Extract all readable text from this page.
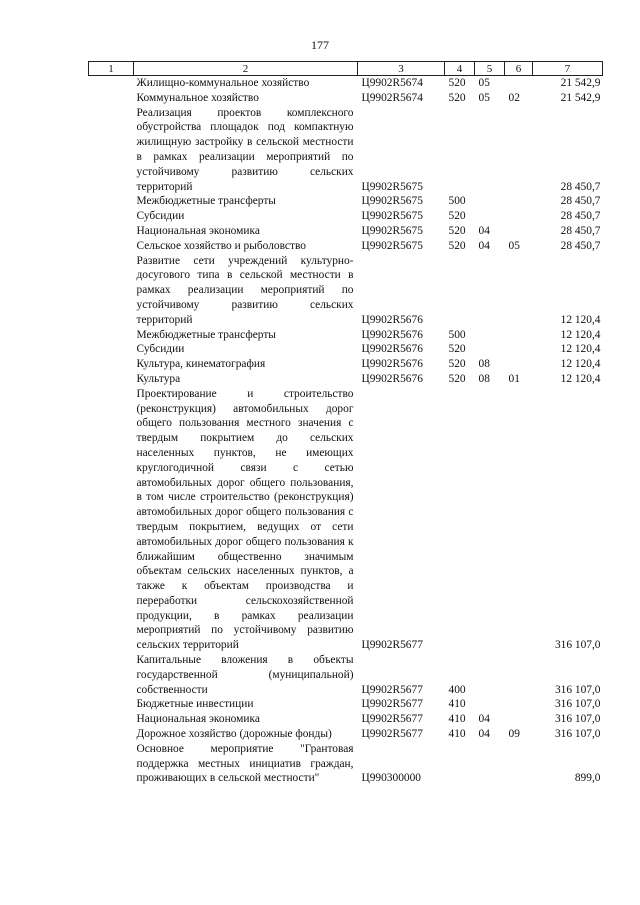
177
1	2	3	4	5	6	7
	Жилищно-коммунальное хозяйство	Ц9902R5674	520	05		21 542,9
	Коммунальное хозяйство	Ц9902R5674	520	05	02	21 542,9
	Реализация проектов комплексного обустройства площадок под компактную жилищную застройку в сельской местности в рамках реализации мероприятий по устойчивому развитию сельских территорий	Ц9902R5675				28 450,7
	Межбюджетные трансферты	Ц9902R5675	500			28 450,7
	Субсидии	Ц9902R5675	520			28 450,7
	Национальная экономика	Ц9902R5675	520	04		28 450,7
	Сельское хозяйство и рыболовство	Ц9902R5675	520	04	05	28 450,7
	Развитие сети учреждений культурно-досугового типа в сельской местности в рамках реализации мероприятий по устойчивому развитию сельских территорий	Ц9902R5676				12 120,4
	Межбюджетные трансферты	Ц9902R5676	500			12 120,4
	Субсидии	Ц9902R5676	520			12 120,4
	Культура, кинематография	Ц9902R5676	520	08		12 120,4
	Культура	Ц9902R5676	520	08	01	12 120,4
	Проектирование и строительство (реконструкция) автомобильных дорог общего пользования местного значения с твердым покрытием до сельских населенных пунктов, не имеющих круглогодичной связи с сетью автомобильных дорог общего пользования, в том числе строительство (реконструкция) автомобильных дорог общего пользования с твердым покрытием, ведущих от сети автомобильных дорог общего пользования к ближайшим общественно значимым объектам сельских населенных пунктов, а также к объектам производства и переработки сельскохозяйственной продукции, в рамках реализации мероприятий по устойчивому развитию сельских территорий	Ц9902R5677				316 107,0
	Капитальные вложения в объекты государственной (муниципальной) собственности	Ц9902R5677	400			316 107,0
	Бюджетные инвестиции	Ц9902R5677	410			316 107,0
	Национальная экономика	Ц9902R5677	410	04		316 107,0
	Дорожное хозяйство (дорожные фонды)	Ц9902R5677	410	04	09	316 107,0
	Основное мероприятие "Грантовая поддержка местных инициатив граждан, проживающих в сельской местности"	Ц990300000				899,0
